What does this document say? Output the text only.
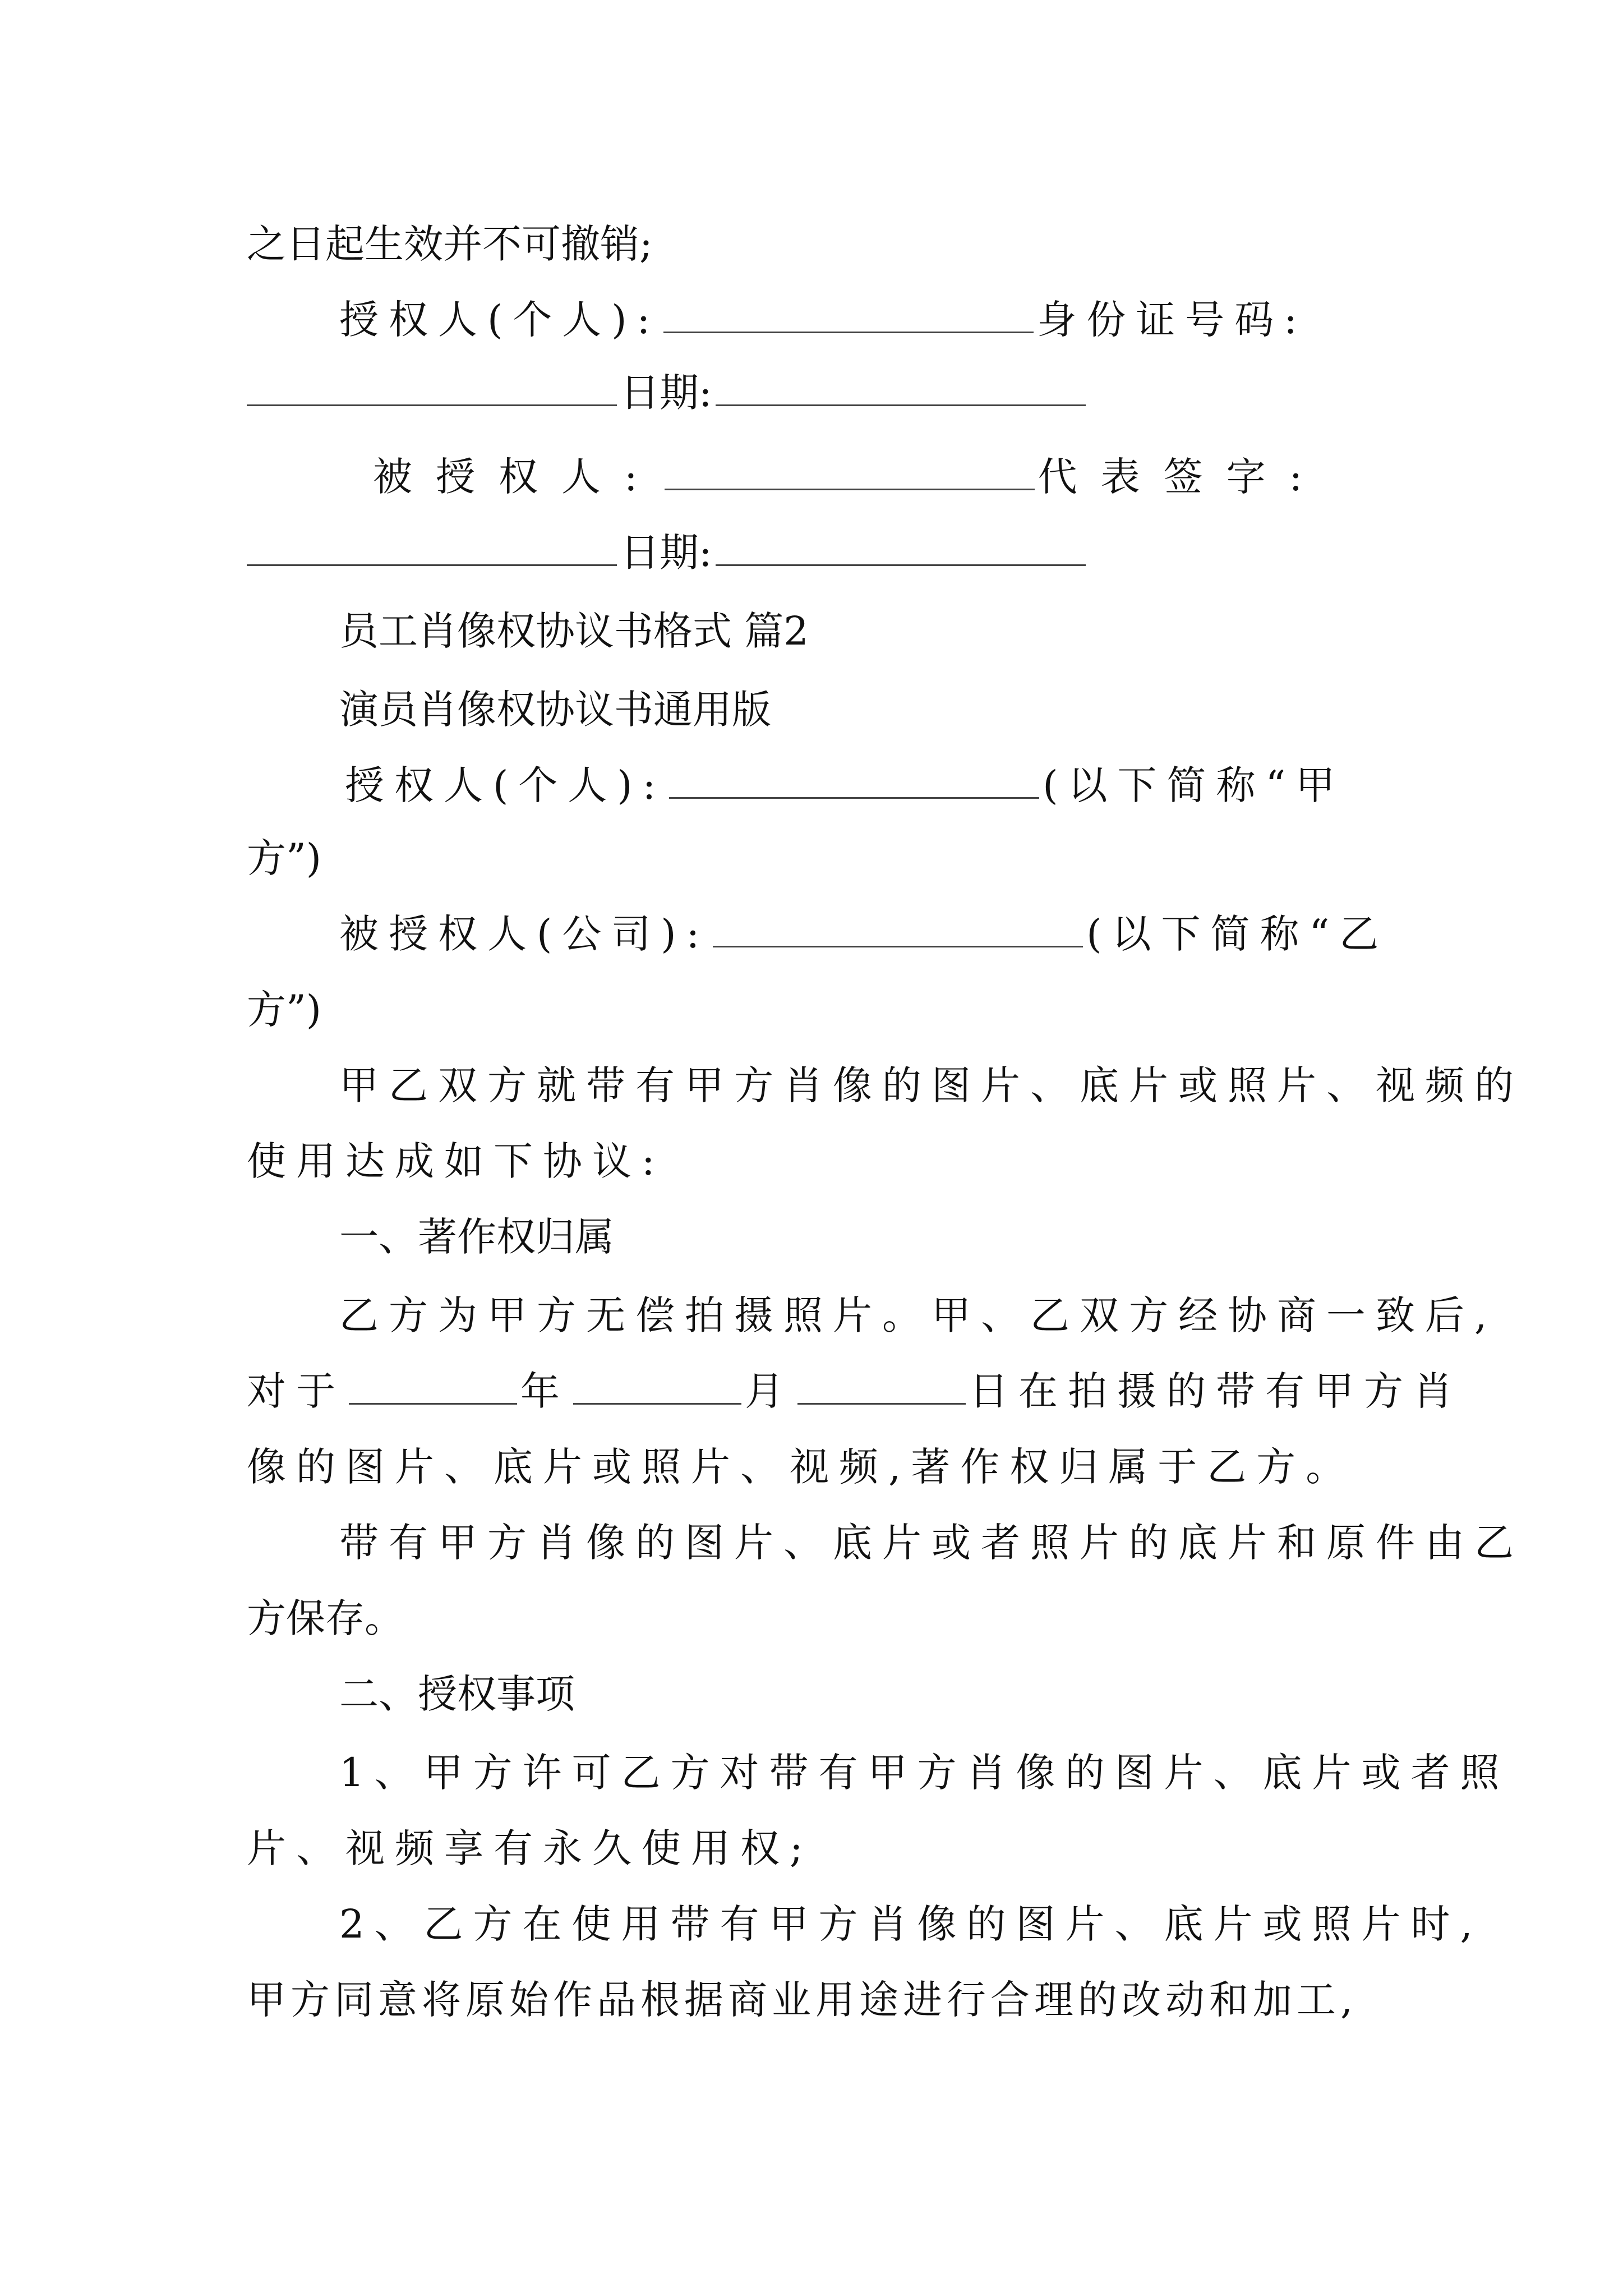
之日起生效并不可撤销;
授权人(个人):	身份证号码:
日期:
被授权人:	代表签字:
日期:
员工肖像权协议书格式 篇2
演员肖像权协议书通用版
授权人(个人):	(以下简称“甲
方”)
被授权人(公司):	(以下简称“乙
方”)
甲乙双方就带有甲方肖像的图片、底片或照片、视频的
使用达成如下协议:
一、著作权归属
乙方为甲方无偿拍摄照片。甲、乙双方经协商一致后,
对于	年	月	日在拍摄的带有甲方肖
像的图片、底片或照片、视频,著作权归属于乙方。
带有甲方肖像的图片、底片或者照片的底片和原件由乙
方保存。
二、授权事项
1、甲方许可乙方对带有甲方肖像的图片、底片或者照
片、视频享有永久使用权;
2、乙方在使用带有甲方肖像的图片、底片或照片时,
甲方同意将原始作品根据商业用途进行合理的改动和加工,
